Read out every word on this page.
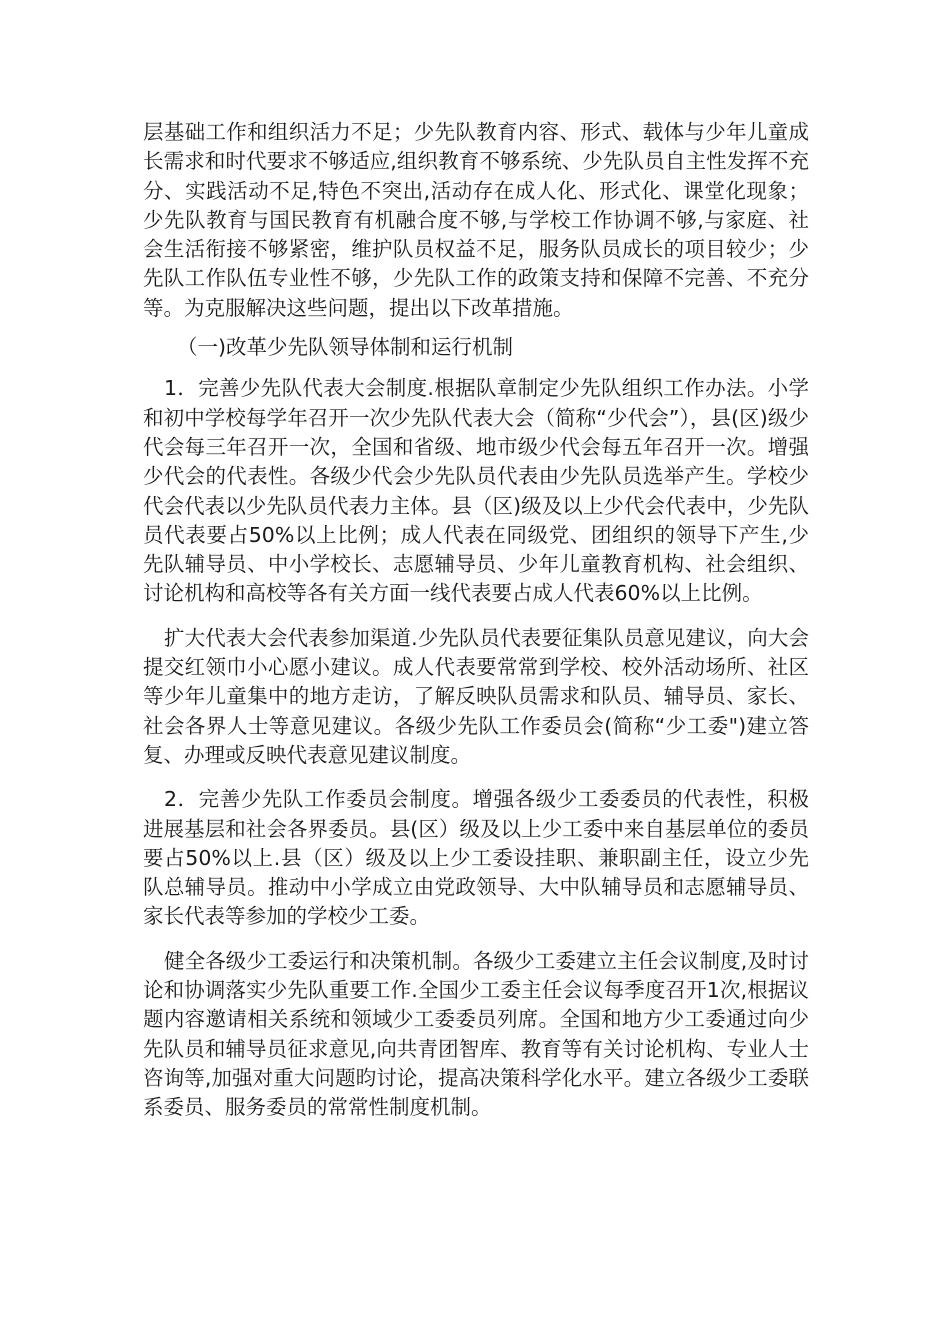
层基础工作和组织活力不足；少先队教育内容、形式、载体与少年儿童成长需求和时代要求不够适应,组织教育不够系统、少先队员自主性发挥不充分、实践活动不足,特色不突出,活动存在成人化、形式化、课堂化现象；少先队教育与国民教育有机融合度不够,与学校工作协调不够,与家庭、社会生活衔接不够紧密，维护队员权益不足，服务队员成长的项目较少；少先队工作队伍专业性不够，少先队工作的政策支持和保障不完善、不充分等。为克服解决这些问题，提出以下改革措施。

（一)改革少先队领导体制和运行机制

1．完善少先队代表大会制度.根据队章制定少先队组织工作办法。小学和初中学校每学年召开一次少先队代表大会（简称“少代会”），县(区)级少代会每三年召开一次，全国和省级、地市级少代会每五年召开一次。增强少代会的代表性。各级少代会少先队员代表由少先队员选举产生。学校少代会代表以少先队员代表力主体。县（区)级及以上少代会代表中，少先队员代表要占50%以上比例；成人代表在同级党、团组织的领导下产生,少先队辅导员、中小学校长、志愿辅导员、少年儿童教育机构、社会组织、讨论机构和高校等各有关方面一线代表要占成人代表60%以上比例。

扩大代表大会代表参加渠道.少先队员代表要征集队员意见建议，向大会提交红领巾小心愿小建议。成人代表要常常到学校、校外活动场所、社区等少年儿童集中的地方走访，了解反映队员需求和队员、辅导员、家长、社会各界人士等意见建议。各级少先队工作委员会(简称“少工委")建立答复、办理或反映代表意见建议制度。

2．完善少先队工作委员会制度。增强各级少工委委员的代表性，积极进展基层和社会各界委员。县(区）级及以上少工委中来自基层单位的委员要占50%以上.县（区）级及以上少工委设挂职、兼职副主任，设立少先队总辅导员。推动中小学成立由党政领导、大中队辅导员和志愿辅导员、家长代表等参加的学校少工委。

健全各级少工委运行和决策机制。各级少工委建立主任会议制度,及时讨论和协调落实少先队重要工作.全国少工委主任会议每季度召开1次,根据议题内容邀请相关系统和领域少工委委员列席。全国和地方少工委通过向少先队员和辅导员征求意见,向共青团智库、教育等有关讨论机构、专业人士咨询等,加强对重大问题昀讨论，提高决策科学化水平。建立各级少工委联系委员、服务委员的常常性制度机制。
